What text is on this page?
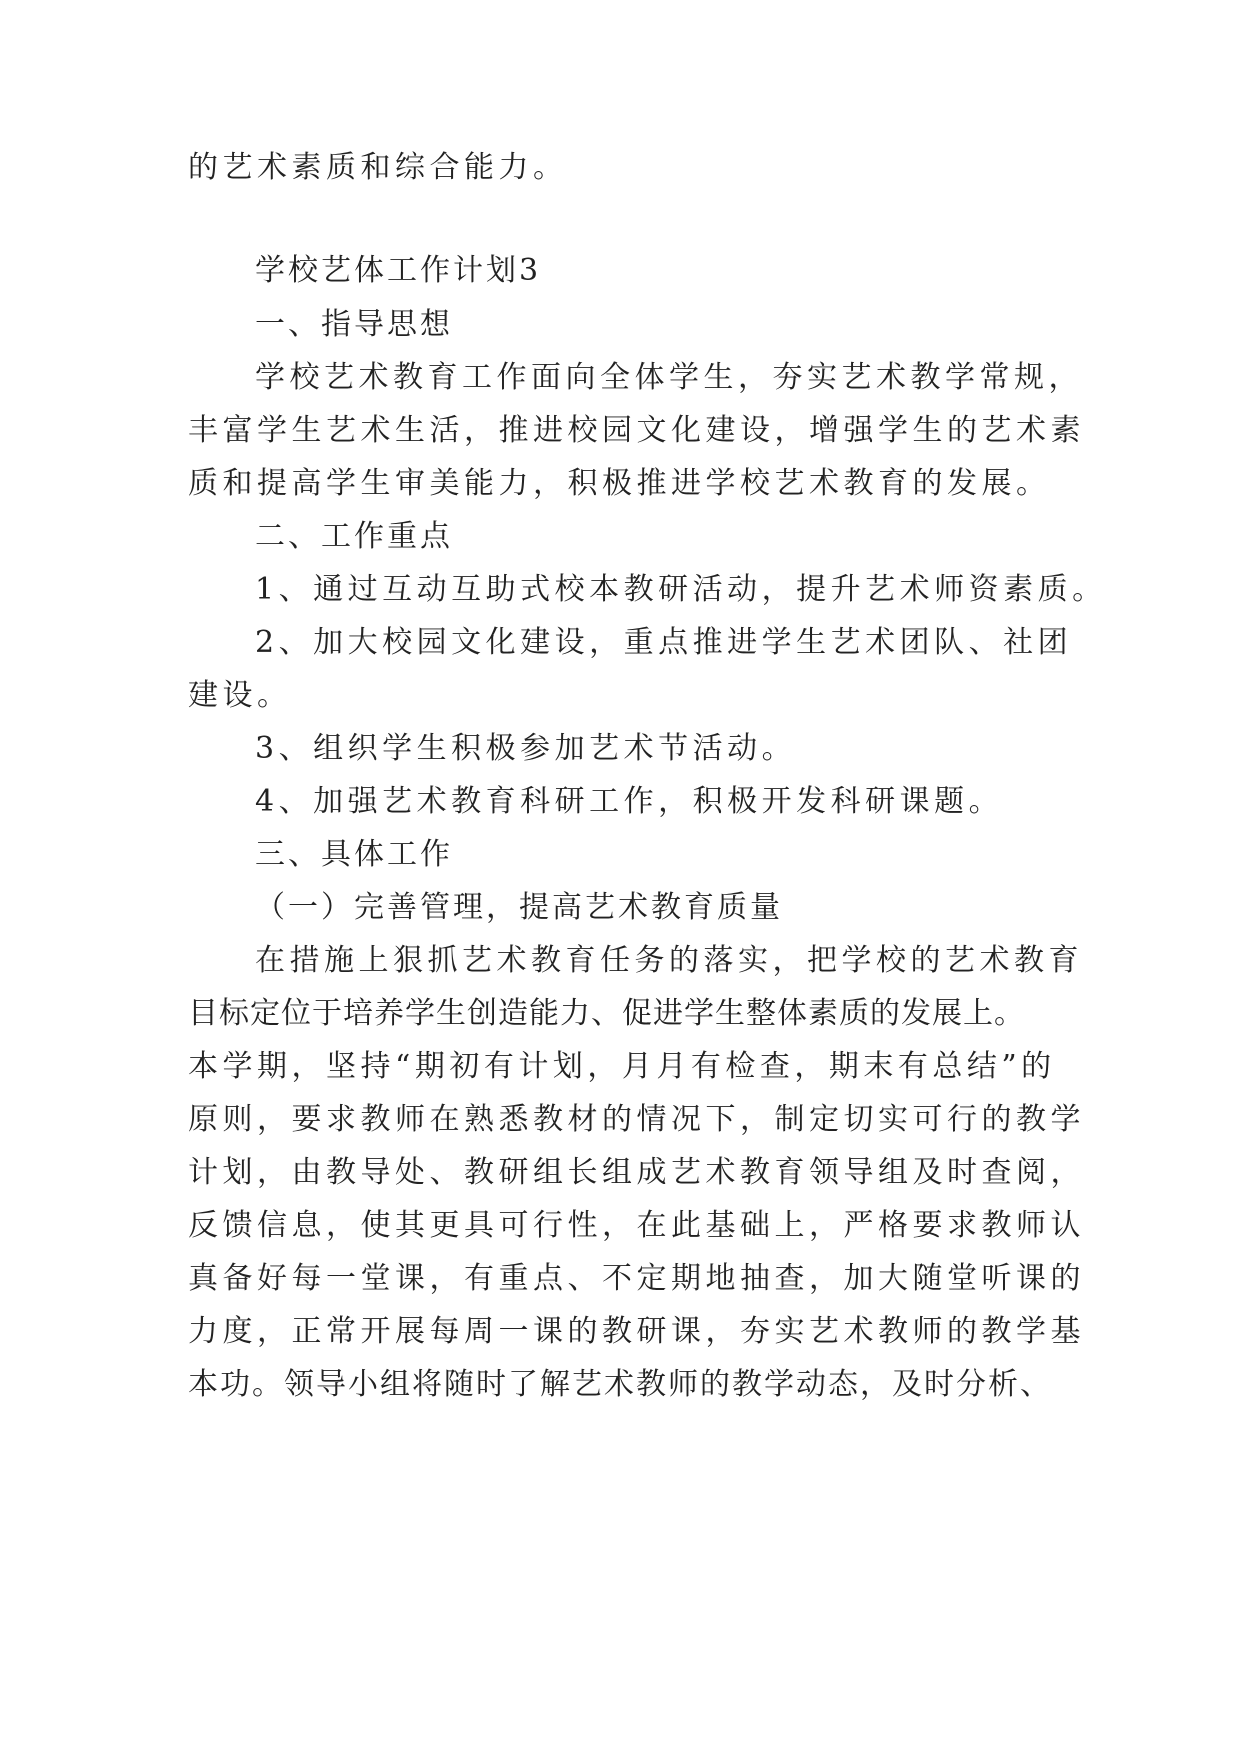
的艺术素质和综合能力。
学校艺体工作计划3
一、指导思想
学校艺术教育工作面向全体学生，夯实艺术教学常规，
丰富学生艺术生活，推进校园文化建设，增强学生的艺术素
质和提高学生审美能力，积极推进学校艺术教育的发展。
二、工作重点
1、通过互动互助式校本教研活动，提升艺术师资素质。
2、加大校园文化建设，重点推进学生艺术团队、社团
建设。
3、组织学生积极参加艺术节活动。
4、加强艺术教育科研工作，积极开发科研课题。
三、具体工作
（一）完善管理，提高艺术教育质量
在措施上狠抓艺术教育任务的落实，把学校的艺术教育
目标定位于培养学生创造能力、促进学生整体素质的发展上。
本学期，坚持“期初有计划，月月有检查，期末有总结”的
原则，要求教师在熟悉教材的情况下，制定切实可行的教学
计划，由教导处、教研组长组成艺术教育领导组及时查阅，
反馈信息，使其更具可行性，在此基础上，严格要求教师认
真备好每一堂课，有重点、不定期地抽查，加大随堂听课的
力度，正常开展每周一课的教研课，夯实艺术教师的教学基
本功。领导小组将随时了解艺术教师的教学动态，及时分析、
